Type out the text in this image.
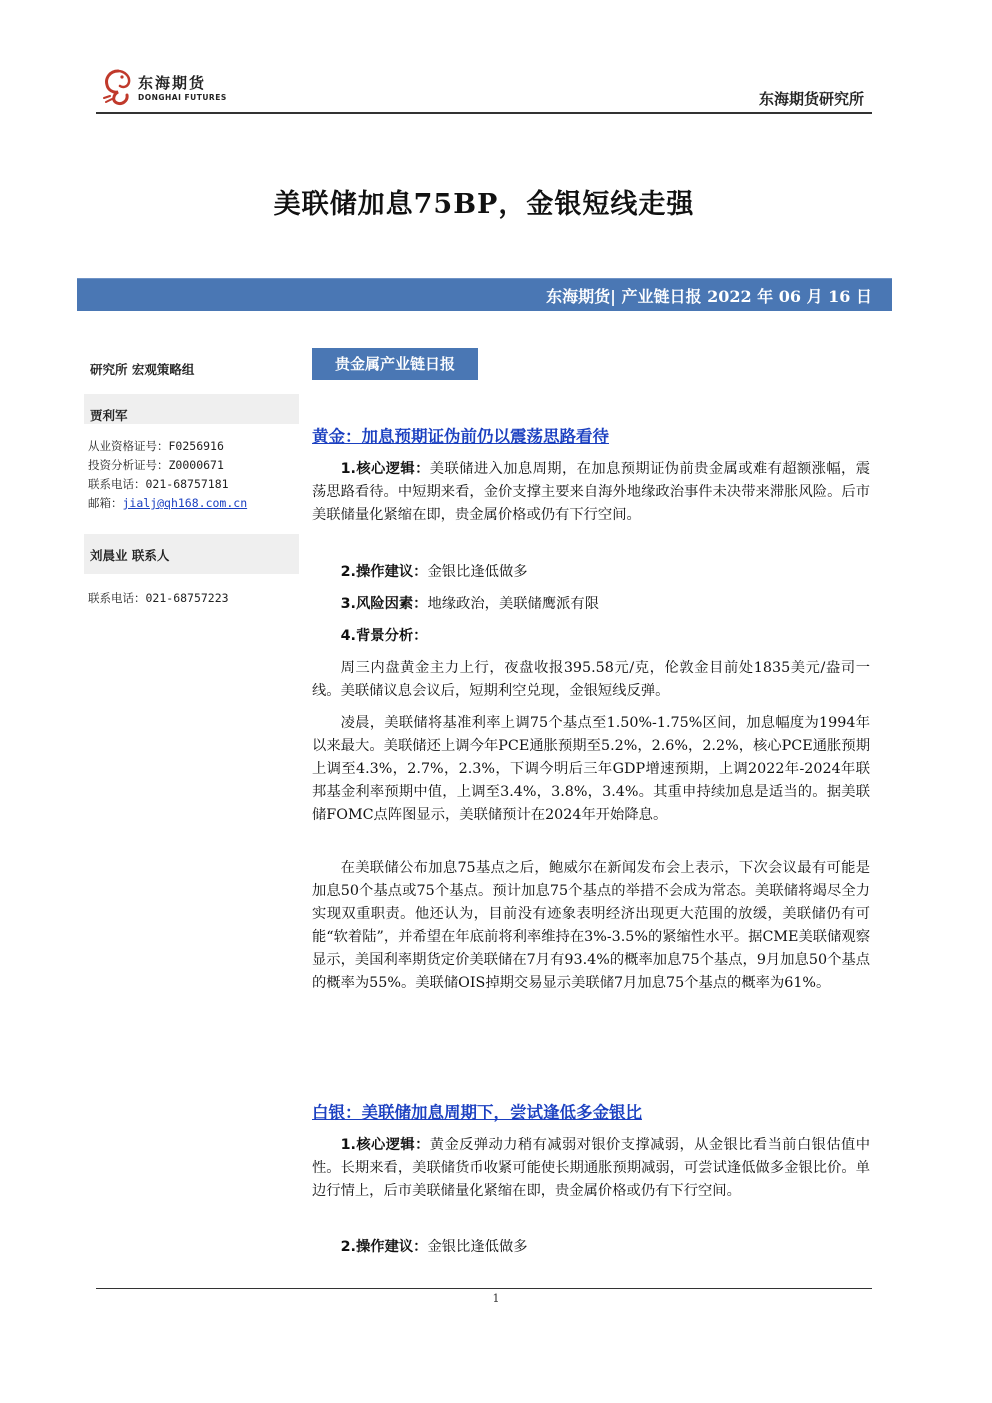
东海期货
DONGHAI FUTURES	东海期货研究所
美联储加息75BP，金银短线走强
东海期货| 产业链日报 2022 年 06 月 16 日
研究所 宏观策略组
贾利军
从业资格证号：F0256916
投资分析证号：Z0000671
联系电话：021-68757181
邮箱：jialj@qh168.com.cn
刘晨业 联系人
联系电话：021-68757223
贵金属产业链日报
黄金：加息预期证伪前仍以震荡思路看待
1.核心逻辑：美联储进入加息周期，在加息预期证伪前贵金属或难有超额涨幅，震荡思路看待。中短期来看，金价支撑主要来自海外地缘政治事件未决带来滞胀风险。后市美联储量化紧缩在即，贵金属价格或仍有下行空间。
2.操作建议：金银比逢低做多
3.风险因素：地缘政治，美联储鹰派有限
4.背景分析：
周三内盘黄金主力上行，夜盘收报395.58元/克，伦敦金目前处1835美元/盎司一线。美联储议息会议后，短期利空兑现，金银短线反弹。
凌晨，美联储将基准利率上调75个基点至1.50%-1.75%区间，加息幅度为1994年以来最大。美联储还上调今年PCE通胀预期至5.2%，2.6%，2.2%，核心PCE通胀预期上调至4.3%，2.7%，2.3%，下调今明后三年GDP增速预期，上调2022年-2024年联邦基金利率预期中值，上调至3.4%，3.8%，3.4%。其重申持续加息是适当的。据美联储FOMC点阵图显示，美联储预计在2024年开始降息。
在美联储公布加息75基点之后，鲍威尔在新闻发布会上表示，下次会议最有可能是加息50个基点或75个基点。预计加息75个基点的举措不会成为常态。美联储将竭尽全力实现双重职责。他还认为，目前没有迹象表明经济出现更大范围的放缓，美联储仍有可能“软着陆”，并希望在年底前将利率维持在3%-3.5%的紧缩性水平。据CME美联储观察显示，美国利率期货定价美联储在7月有93.4%的概率加息75个基点，9月加息50个基点的概率为55%。美联储OIS掉期交易显示美联储7月加息75个基点的概率为61%。
白银：美联储加息周期下，尝试逢低多金银比
1.核心逻辑：黄金反弹动力稍有减弱对银价支撑减弱，从金银比看当前白银估值中性。长期来看，美联储货币收紧可能使长期通胀预期减弱，可尝试逢低做多金银比价。单边行情上，后市美联储量化紧缩在即，贵金属价格或仍有下行空间。
2.操作建议：金银比逢低做多
1
